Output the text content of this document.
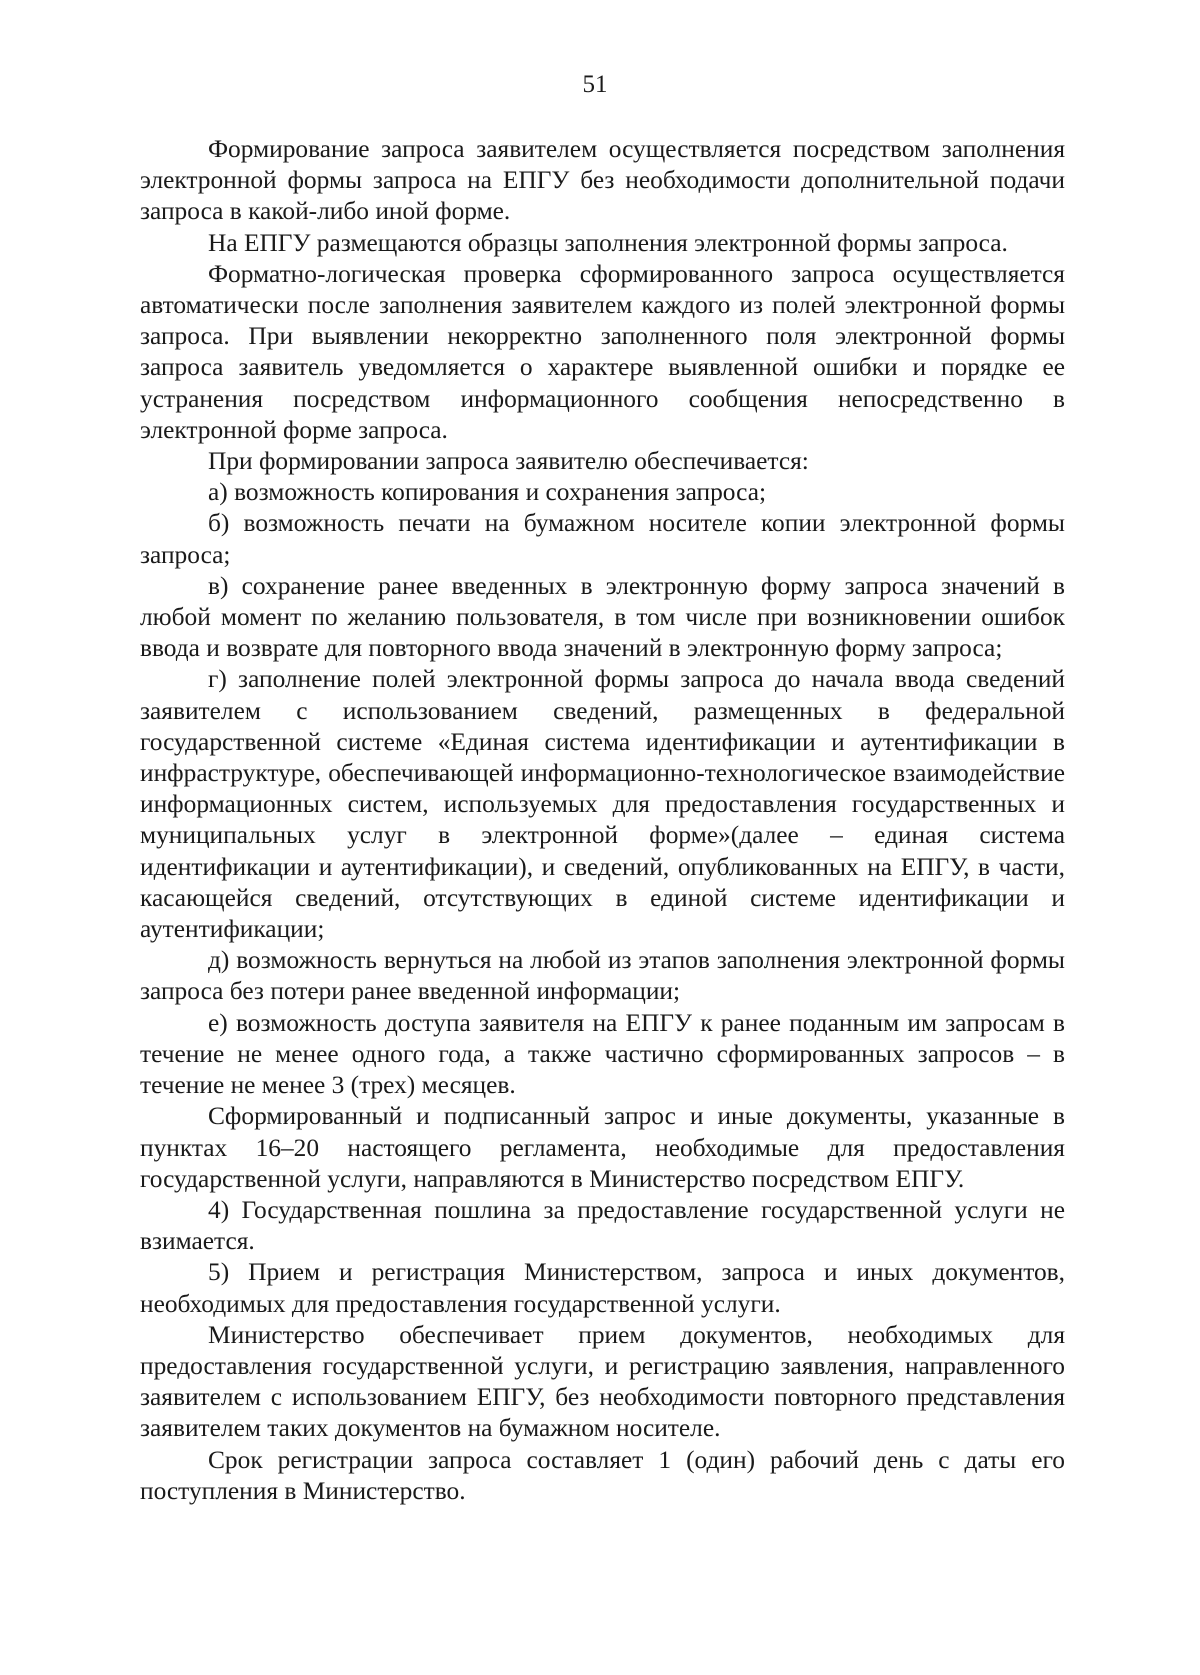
51

Формирование запроса заявителем осуществляется посредством заполнения электронной формы запроса на ЕПГУ без необходимости дополнительной подачи запроса в какой-либо иной форме.

На ЕПГУ размещаются образцы заполнения электронной формы запроса.

Форматно-логическая проверка сформированного запроса осуществляется автоматически после заполнения заявителем каждого из полей электронной формы запроса. При выявлении некорректно заполненного поля электронной формы запроса заявитель уведомляется о характере выявленной ошибки и порядке ее устранения посредством информационного сообщения непосредственно в электронной форме запроса.

При формировании запроса заявителю обеспечивается:

а) возможность копирования и сохранения запроса;

б) возможность печати на бумажном носителе копии электронной формы запроса;

в) сохранение ранее введенных в электронную форму запроса значений в любой момент по желанию пользователя, в том числе при возникновении ошибок ввода и возврате для повторного ввода значений в электронную форму запроса;

г) заполнение полей электронной формы запроса до начала ввода сведений заявителем с использованием сведений, размещенных в федеральной государственной системе «Единая система идентификации и аутентификации в инфраструктуре, обеспечивающей информационно-технологическое взаимодействие информационных систем, используемых для предоставления государственных и муниципальных услуг в электронной форме»(далее – единая система идентификации и аутентификации), и сведений, опубликованных на ЕПГУ, в части, касающейся сведений, отсутствующих в единой системе идентификации и аутентификации;

д) возможность вернуться на любой из этапов заполнения электронной формы запроса без потери ранее введенной информации;

е) возможность доступа заявителя на ЕПГУ к ранее поданным им запросам в течение не менее одного года, а также частично сформированных запросов – в течение не менее 3 (трех) месяцев.

Сформированный и подписанный запрос и иные документы, указанные в пунктах 16–20 настоящего регламента, необходимые для предоставления государственной услуги, направляются в Министерство посредством ЕПГУ.

4) Государственная пошлина за предоставление государственной услуги не взимается.

5) Прием и регистрация Министерством, запроса и иных документов, необходимых для предоставления государственной услуги.

Министерство обеспечивает прием документов, необходимых для предоставления государственной услуги, и регистрацию заявления, направленного заявителем с использованием ЕПГУ, без необходимости повторного представления заявителем таких документов на бумажном носителе.

Срок регистрации запроса составляет 1 (один) рабочий день с даты его поступления в Министерство.
